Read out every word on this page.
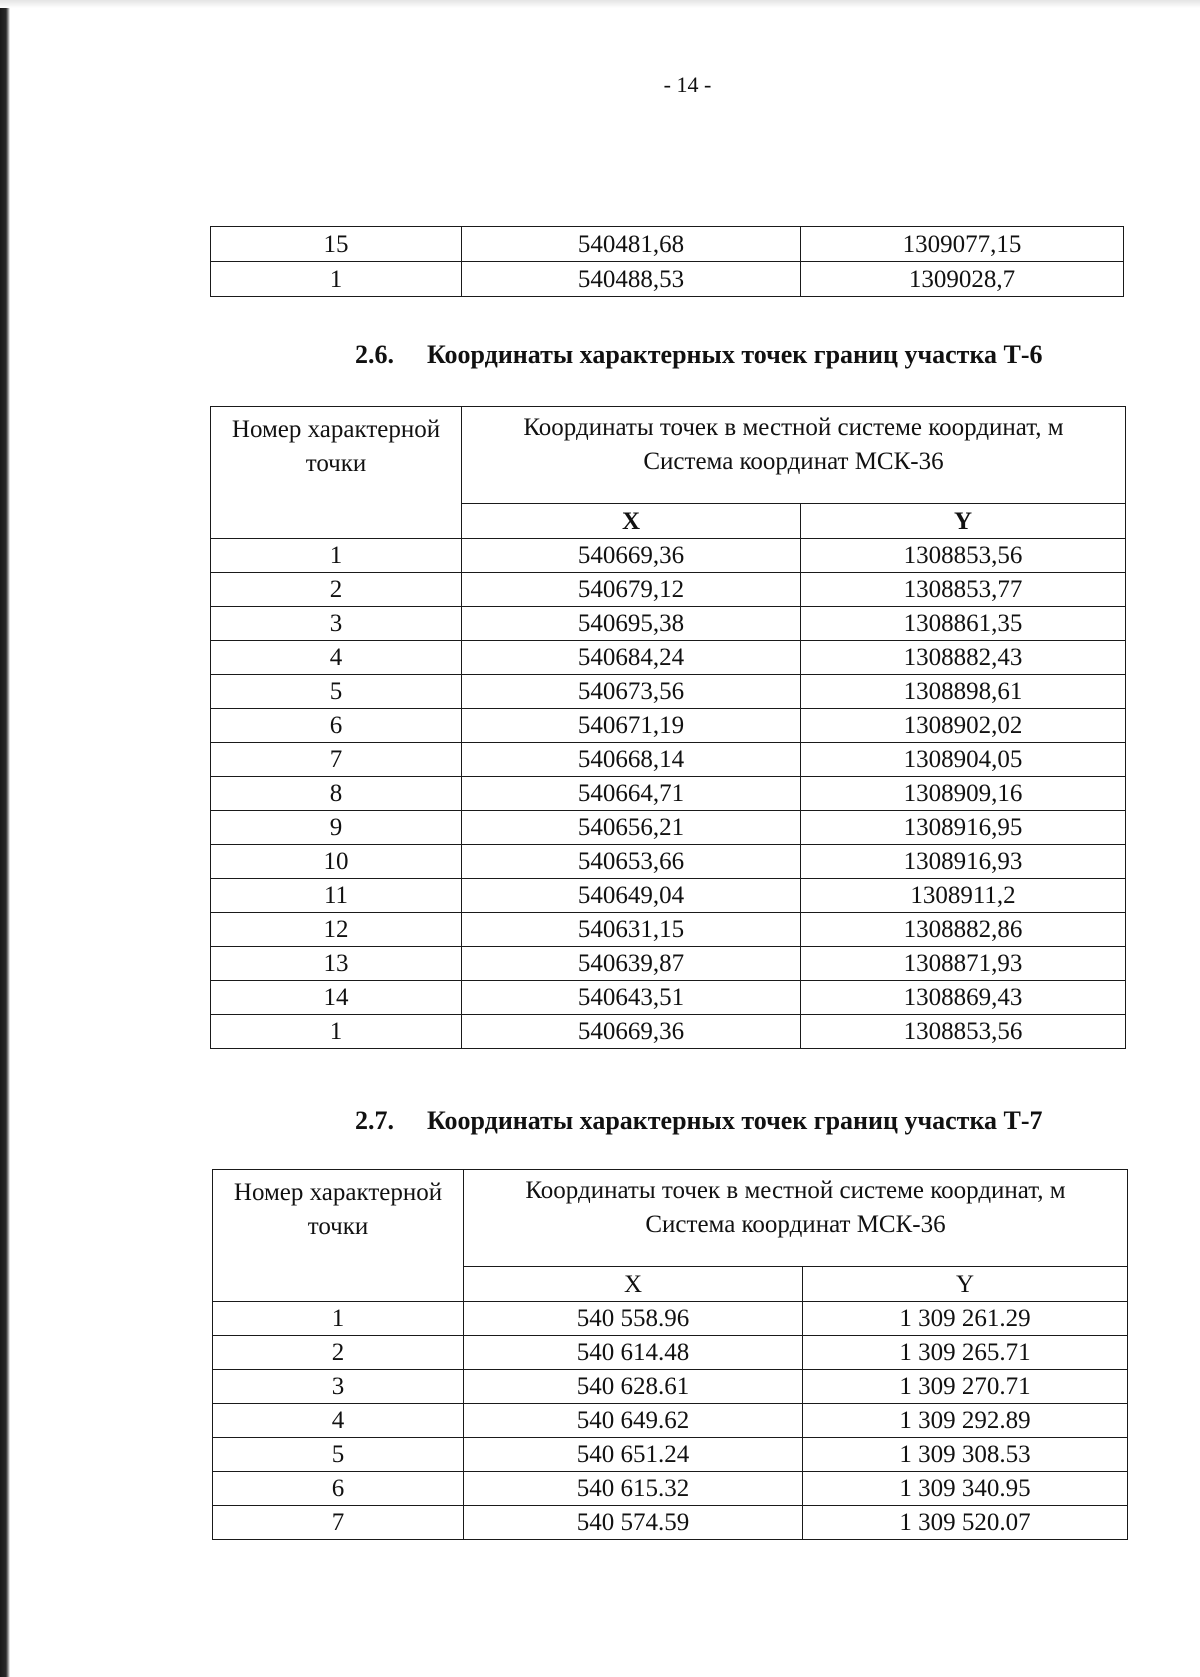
- 14 -
15	540481,68	1309077,15
1	540488,53	1309028,7
2.6. Координаты характерных точек границ участка Т-6
Номер характерной точки	Координаты точек в местной системе координат, м
Система координат МСК-36	

	X	Y
1	540669,36	1308853,56
2	540679,12	1308853,77
3	540695,38	1308861,35
4	540684,24	1308882,43
5	540673,56	1308898,61
6	540671,19	1308902,02
7	540668,14	1308904,05
8	540664,71	1308909,16
9	540656,21	1308916,95
10	540653,66	1308916,93
11	540649,04	1308911,2
12	540631,15	1308882,86
13	540639,87	1308871,93
14	540643,51	1308869,43
1	540669,36	1308853,56
2.7. Координаты характерных точек границ участка Т-7
Номер характерной точки	Координаты точек в местной системе координат, м
Система координат МСК-36	

	X	Y
1	540 558.96	1 309 261.29
2	540 614.48	1 309 265.71
3	540 628.61	1 309 270.71
4	540 649.62	1 309 292.89
5	540 651.24	1 309 308.53
6	540 615.32	1 309 340.95
7	540 574.59	1 309 520.07
